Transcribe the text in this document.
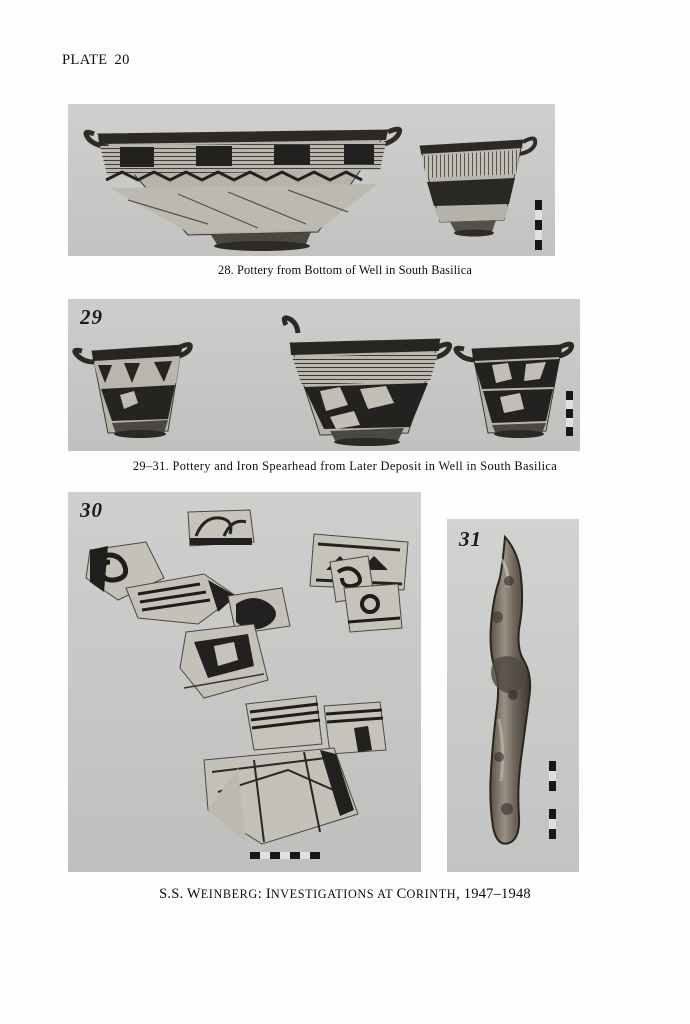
PLATE 20
28. Pottery from Bottom of Well in South Basilica
29
29–31. Pottery and Iron Spearhead from Later Deposit in Well in South Basilica
30
31
S.S. WEINBERG: INVESTIGATIONS AT CORINTH, 1947–1948
